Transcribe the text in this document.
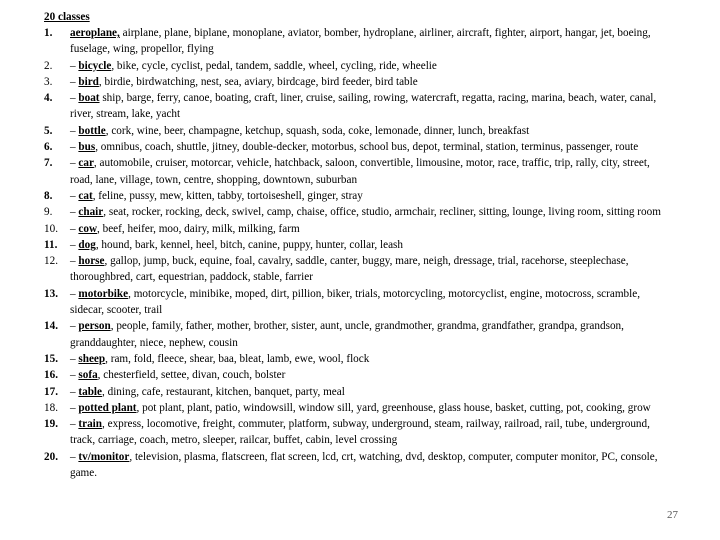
20 classes

1. aeroplane, airplane, plane, biplane, monoplane, aviator, bomber, hydroplane, airliner, aircraft, fighter, airport, hangar, jet, boeing, fuselage, wing, propellor, flying
2. – bicycle, bike, cycle, cyclist, pedal, tandem, saddle, wheel, cycling, ride, wheelie
3. – bird, birdie, birdwatching, nest, sea, aviary, birdcage, bird feeder, bird table
4. – boat ship, barge, ferry, canoe, boating, craft, liner, cruise, sailing, rowing, watercraft, regatta, racing, marina, beach, water, canal, river, stream, lake, yacht
5. – bottle, cork, wine, beer, champagne, ketchup, squash, soda, coke, lemonade, dinner, lunch, breakfast
6. – bus, omnibus, coach, shuttle, jitney, double-decker, motorbus, school bus, depot, terminal, station, terminus, passenger, route
7. – car, automobile, cruiser, motorcar, vehicle, hatchback, saloon, convertible, limousine, motor, race, traffic, trip, rally, city, street, road, lane, village, town, centre, shopping, downtown, suburban
8. – cat, feline, pussy, mew, kitten, tabby, tortoiseshell, ginger, stray
9. – chair, seat, rocker, rocking, deck, swivel, camp, chaise, office, studio, armchair, recliner, sitting, lounge, living room, sitting room
10. – cow, beef, heifer, moo, dairy, milk, milking, farm
11. – dog, hound, bark, kennel, heel, bitch, canine, puppy, hunter, collar, leash
12. – horse, gallop, jump, buck, equine, foal, cavalry, saddle, canter, buggy, mare, neigh, dressage, trial, racehorse, steeplechase, thoroughbred, cart, equestrian, paddock, stable, farrier
13. – motorbike, motorcycle, minibike, moped, dirt, pillion, biker, trials, motorcycling, motorcyclist, engine, motocross, scramble, sidecar, scooter, trail
14. – person, people, family, father, mother, brother, sister, aunt, uncle, grandmother, grandma, grandfather, grandpa, grandson, granddaughter, niece, nephew, cousin
15. – sheep, ram, fold, fleece, shear, baa, bleat, lamb, ewe, wool, flock
16. – sofa, chesterfield, settee, divan, couch, bolster
17. – table, dining, cafe, restaurant, kitchen, banquet, party, meal
18. – potted plant, pot plant, plant, patio, windowsill, window sill, yard, greenhouse, glass house, basket, cutting, pot, cooking, grow
19. – train, express, locomotive, freight, commuter, platform, subway, underground, steam, railway, railroad, rail, tube, underground, track, carriage, coach, metro, sleeper, railcar, buffet, cabin, level crossing
20. – tv/monitor, television, plasma, flatscreen, flat screen, lcd, crt, watching, dvd, desktop, computer, computer monitor, PC, console, game.
27
